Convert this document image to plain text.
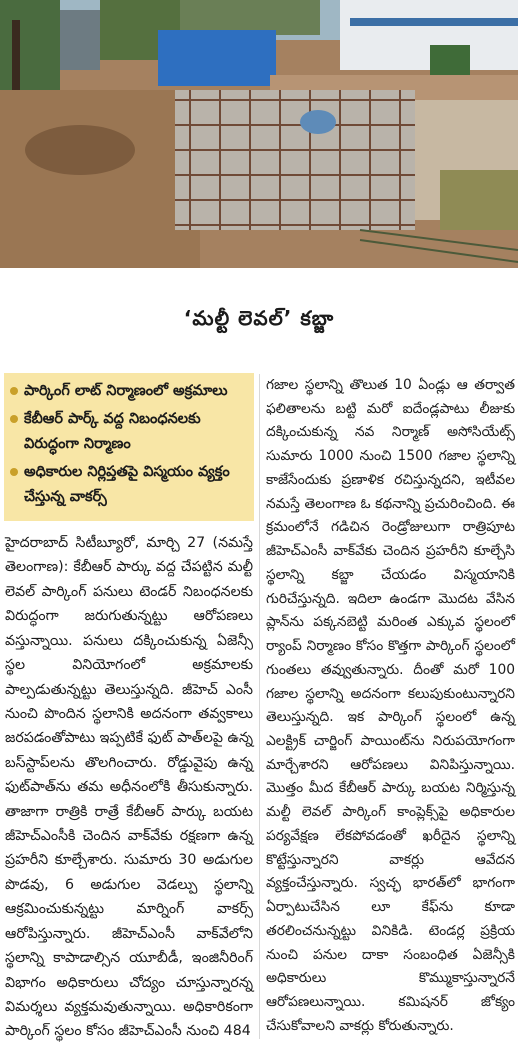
‘మల్టీ లెవల్’ కబ్జా
పార్కింగ్ లాట్ నిర్మాణంలో అక్రమాలు
కేబీఆర్ పార్క్ వద్ద నిబంధనలకు విరుద్ధంగా నిర్మాణం
అధికారుల నిర్లిప్తతపై విస్మయం వ్యక్తం చేస్తున్న వాకర్స్

హైదరాబాద్ సిటీబ్యూరో, మార్చి 27 (నమస్తే తెలంగాణ): కేబీఆర్ పార్కు వద్ద చేపట్టిన మల్టీ లెవల్ పార్కింగ్ పనులు టెండర్ నిబంధనలకు విరుద్ధంగా జరుగుతున్నట్టు ఆరోపణలు వస్తున్నాయి. పనులు దక్కించుకున్న ఏజెన్సీ స్థల వినియోగంలో అక్రమాలకు పాల్పడుతున్నట్టు తెలుస్తున్నది. జీహెచ్ ఎంసీ నుంచి పొందిన స్థలానికి అదనంగా తవ్వకాలు జరపడంతోపాటు ఇప్పటికే ఫుట్ పాత్‌లపై ఉన్న బస్‌స్టాప్‌లను తొలగించారు. రోడ్డువైపు ఉన్న ఫుట్‌పాత్‌ను తమ అధీనంలోకి తీసుకున్నారు. తాజాగా రాత్రికి రాత్రే కేబీఆర్ పార్కు బయట జీహెచ్‌ఎంసీకి చెందిన వాక్‌వేకు రక్షణగా ఉన్న ప్రహరీని కూల్చేశారు. సుమారు 30 అడుగుల పొడవు, 6 అడుగుల వెడల్పు స్థలాన్ని ఆక్రమించుకున్నట్టు మార్నింగ్ వాకర్స్ ఆరోపిస్తున్నారు. జీహెచ్‌ఎంసీ వాక్‌వేలోని స్థలాన్ని కాపాడాల్సిన యూబీడీ, ఇంజినీరింగ్ విభాగం అధికారులు చోద్యం చూస్తున్నారన్న విమర్శలు వ్యక్తమవుతున్నాయి. అధికారికంగా పార్కింగ్ స్థలం కోసం జీహెచ్‌ఎంసీ నుంచి 484

గజాల స్థలాన్ని తొలుత 10 ఏండ్లు ఆ తర్వాత ఫలితాలను బట్టి మరో ఐదేండ్లపాటు లీజుకు దక్కించుకున్న నవ నిర్మాణ్ అసోసియేట్స్ సుమారు 1000 నుంచి 1500 గజాల స్థలాన్ని కాజేసేందుకు ప్రణాళిక రచిస్తున్నదని, ఇటీవల నమస్తే తెలంగాణ ఓ కథనాన్ని ప్రచురించింది. ఈ క్రమంలోనే గడిచిన రెండ్రోజులుగా రాత్రిపూట జీహెచ్‌ఎంసీ వాక్‌వేకు చెందిన ప్రహరీని కూల్చేసి స్థలాన్ని కబ్జా చేయడం విస్మయానికి గురిచేస్తున్నది. ఇదిలా ఉండగా మొదట వేసిన ప్లాన్‌ను పక్కనబెట్టి మరింత ఎక్కువ స్థలంలో ర్యాంప్ నిర్మాణం కోసం కొత్తగా పార్కింగ్ స్థలంలో గుంతలు తవ్వుతున్నారు. దీంతో మరో 100 గజాల స్థలాన్ని అదనంగా కలుపుకుంటున్నారని తెలుస్తున్నది. ఇక పార్కింగ్ స్థలంలో ఉన్న ఎలక్ట్రిక్ చార్జింగ్ పాయింట్‌ను నిరుపయోగంగా మార్చేశారని ఆరోపణలు వినిపిస్తున్నాయి. మొత్తం మీద కేబీఆర్ పార్కు బయట నిర్మిస్తున్న మల్టీ లెవల్ పార్కింగ్ కాంప్లెక్స్‌పై అధికారుల పర్యవేక్షణ లేకపోవడంతో ఖరీదైన స్థలాన్ని కొట్టేస్తున్నారని వాకర్లు ఆవేదన వ్యక్తంచేస్తున్నారు. స్వచ్ఛ భారత్‌లో భాగంగా ఏర్పాటుచేసిన లూ కేఫ్‌ను కూడా తరలించనున్నట్టు వినికిడి. టెండర్ల ప్రక్రియ నుంచి పనుల దాకా సంబంధిత ఏజెన్సీకి అధికారులు కొమ్ముకాస్తున్నారనే ఆరోపణలున్నాయి. కమిషనర్ జోక్యం చేసుకోవాలని వాకర్లు కోరుతున్నారు.
